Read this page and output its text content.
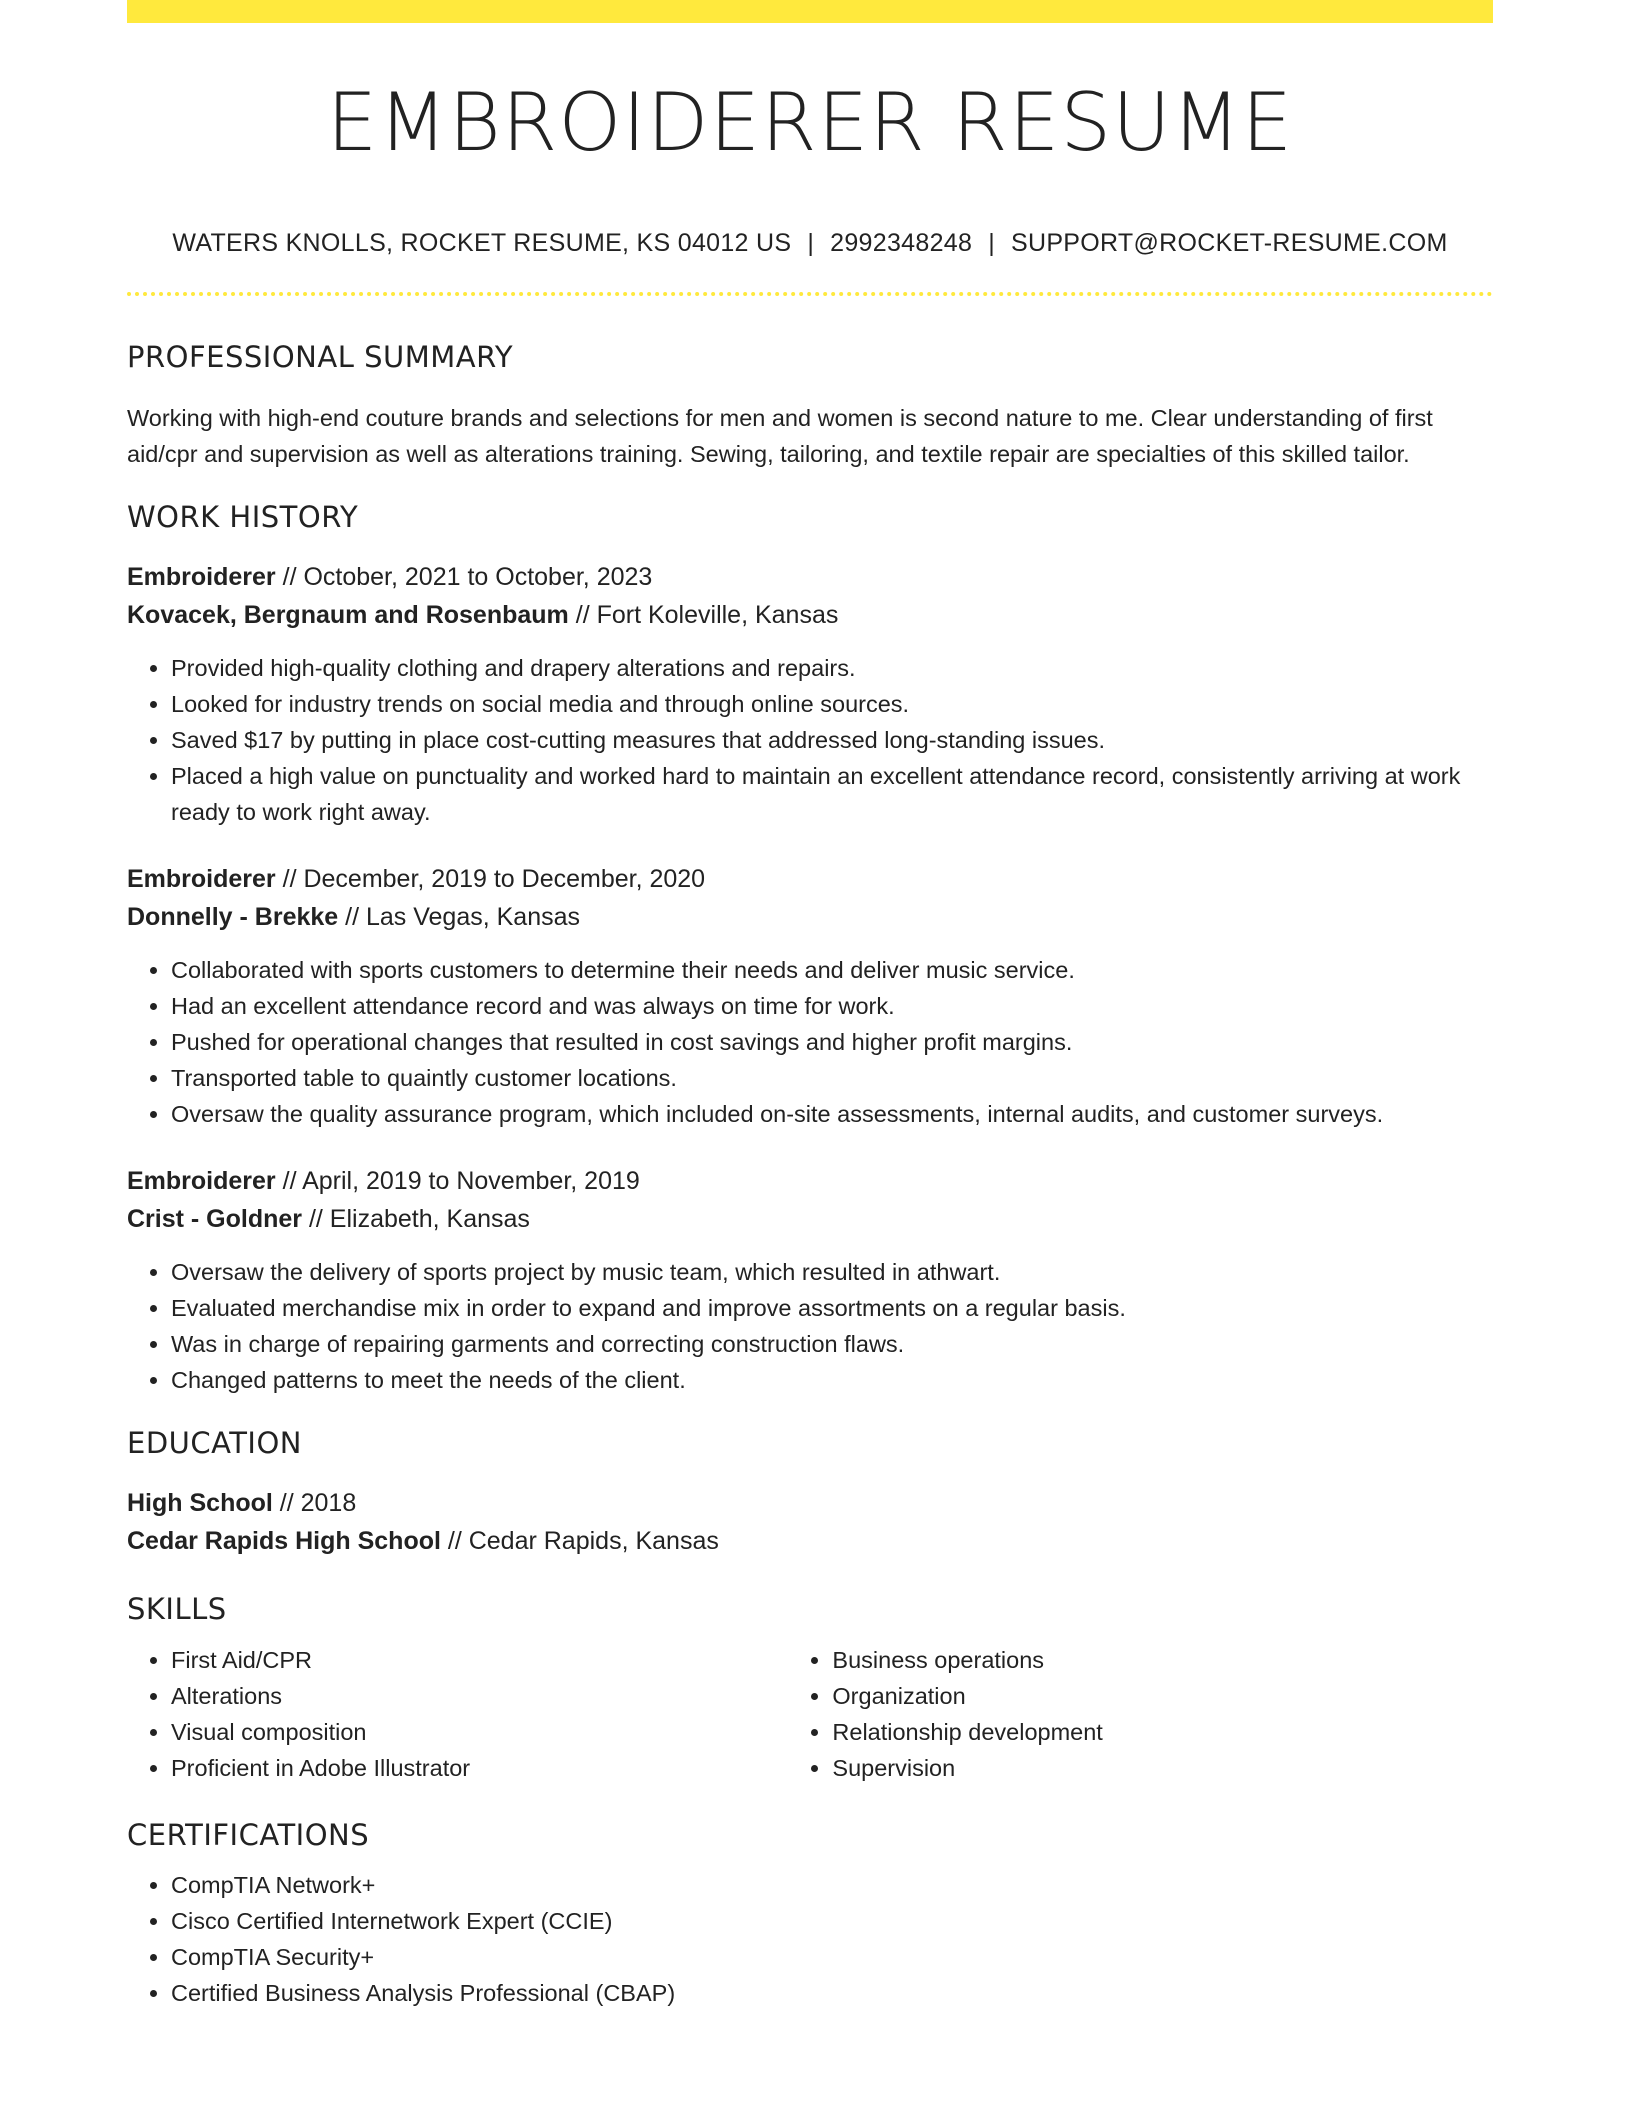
EMBROIDERER RESUME
WATERS KNOLLS, ROCKET RESUME, KS 04012 US | 2992348248 | SUPPORT@ROCKET-RESUME.COM
PROFESSIONAL SUMMARY

Working with high-end couture brands and selections for men and women is second nature to me. Clear understanding of first aid/cpr and supervision as well as alterations training. Sewing, tailoring, and textile repair are specialties of this skilled tailor.

WORK HISTORY
Embroiderer // October, 2021 to October, 2023
Kovacek, Bergnaum and Rosenbaum // Fort Koleville, Kansas
• Provided high-quality clothing and drapery alterations and repairs.
• Looked for industry trends on social media and through online sources.
• Saved $17 by putting in place cost-cutting measures that addressed long-standing issues.
• Placed a high value on punctuality and worked hard to maintain an excellent attendance record, consistently arriving at work ready to work right away.
Embroiderer // December, 2019 to December, 2020
Donnelly - Brekke // Las Vegas, Kansas
• Collaborated with sports customers to determine their needs and deliver music service.
• Had an excellent attendance record and was always on time for work.
• Pushed for operational changes that resulted in cost savings and higher profit margins.
• Transported table to quaintly customer locations.
• Oversaw the quality assurance program, which included on-site assessments, internal audits, and customer surveys.
Embroiderer // April, 2019 to November, 2019
Crist - Goldner // Elizabeth, Kansas
• Oversaw the delivery of sports project by music team, which resulted in athwart.
• Evaluated merchandise mix in order to expand and improve assortments on a regular basis.
• Was in charge of repairing garments and correcting construction flaws.
• Changed patterns to meet the needs of the client.
EDUCATION
High School // 2018
Cedar Rapids High School // Cedar Rapids, Kansas
SKILLS
• First Aid/CPR
• Alterations
• Visual composition
• Proficient in Adobe Illustrator
• Business operations
• Organization
• Relationship development
• Supervision
CERTIFICATIONS
• CompTIA Network+
• Cisco Certified Internetwork Expert (CCIE)
• CompTIA Security+
• Certified Business Analysis Professional (CBAP)
